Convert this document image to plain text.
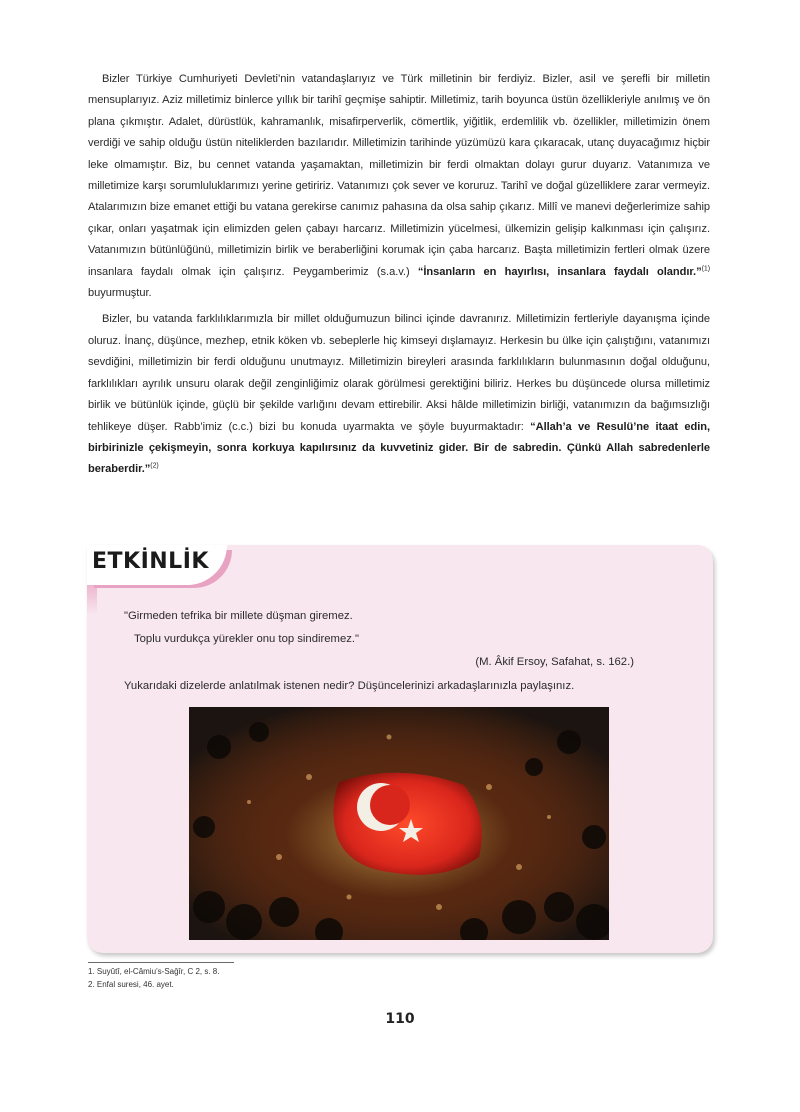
Bizler Türkiye Cumhuriyeti Devleti’nin vatandaşlarıyız ve Türk milletinin bir ferdiyiz. Bizler, asil ve şerefli bir milletin mensuplarıyız. Aziz milletimiz binlerce yıllık bir tarihî geçmişe sahiptir. Milletimiz, tarih boyunca üstün özellikleriyle anılmış ve ön plana çıkmıştır. Adalet, dürüstlük, kahramanlık, misafirperverlik, cömertlik, yiğitlik, erdemlilik vb. özellikler, milletimizin önem verdiği ve sahip olduğu üstün niteliklerden bazılarıdır. Milletimizin tarihinde yüzümüzü kara çıkaracak, utanç duyacağımız hiçbir leke olmamıştır. Biz, bu cennet vatanda yaşamaktan, milletimizin bir ferdi olmaktan dolayı gurur duyarız. Vatanımıza ve milletimize karşı sorumluluklarımızı yerine getiririz. Vatanımızı çok sever ve koruruz. Tarihî ve doğal güzelliklere zarar vermeyiz. Atalarımızın bize emanet ettiği bu vatana gerekirse canımız pahasına da olsa sahip çıkarız. Millî ve manevi değerlerimize sahip çıkar, onları yaşatmak için elimizden gelen çabayı harcarız. Milletimizin yücelmesi, ülkemizin gelişip kalkınması için çalışırız. Vatanımızın bütünlüğünü, milletimizin birlik ve beraberliğini korumak için çaba harcarız. Başta milletimizin fertleri olmak üzere insanlara faydalı olmak için çalışırız. Peygamberimiz (s.a.v.) “İnsanların en hayırlısı, insanlara faydalı olandır.”$^{(1)}$ buyurmuştur.

Bizler, bu vatanda farklılıklarımızla bir millet olduğumuzun bilinci içinde davranırız. Milletimizin fertleriyle dayanışma içinde oluruz. İnanç, düşünce, mezhep, etnik köken vb. sebeplerle hiç kimseyi dışlamayız. Herkesin bu ülke için çalıştığını, vatanımızı sevdiğini, milletimizin bir ferdi olduğunu unutmayız. Milletimizin bireyleri arasında farklılıkların bulunmasının doğal olduğunu, farklılıkları ayrılık unsuru olarak değil zenginliğimiz olarak görülmesi gerektiğini biliriz. Herkes bu düşüncede olursa milletimiz birlik ve bütünlük içinde, güçlü bir şekilde varlığını devam ettirebilir. Aksi hâlde milletimizin birliği, vatanımızın da bağımsızlığı tehlikeye düşer. Rabb’imiz (c.c.) bizi bu konuda uyarmakta ve şöyle buyurmaktadır: “Allah’a ve Resulü’ne itaat edin, birbirinizle çekişmeyin, sonra korkuya kapılırsınız da kuvvetiniz gider. Bir de sabredin. Çünkü Allah sabredenlerle beraberdir.”$^{(2)}$

ETKİNLİK
"Girmeden tefrika bir millete düşman giremez.
Toplu vurdukça yürekler onu top sindiremez."
(M. Âkif Ersoy, Safahat, s. 162.)
Yukarıdaki dizelerde anlatılmak istenen nedir? Düşüncelerinizi arkadaşlarınızla paylaşınız.
1. Suyûtî, el-Câmiu’s-Sağîr, C 2, s. 8.
2. Enfal suresi, 46. ayet.
110
